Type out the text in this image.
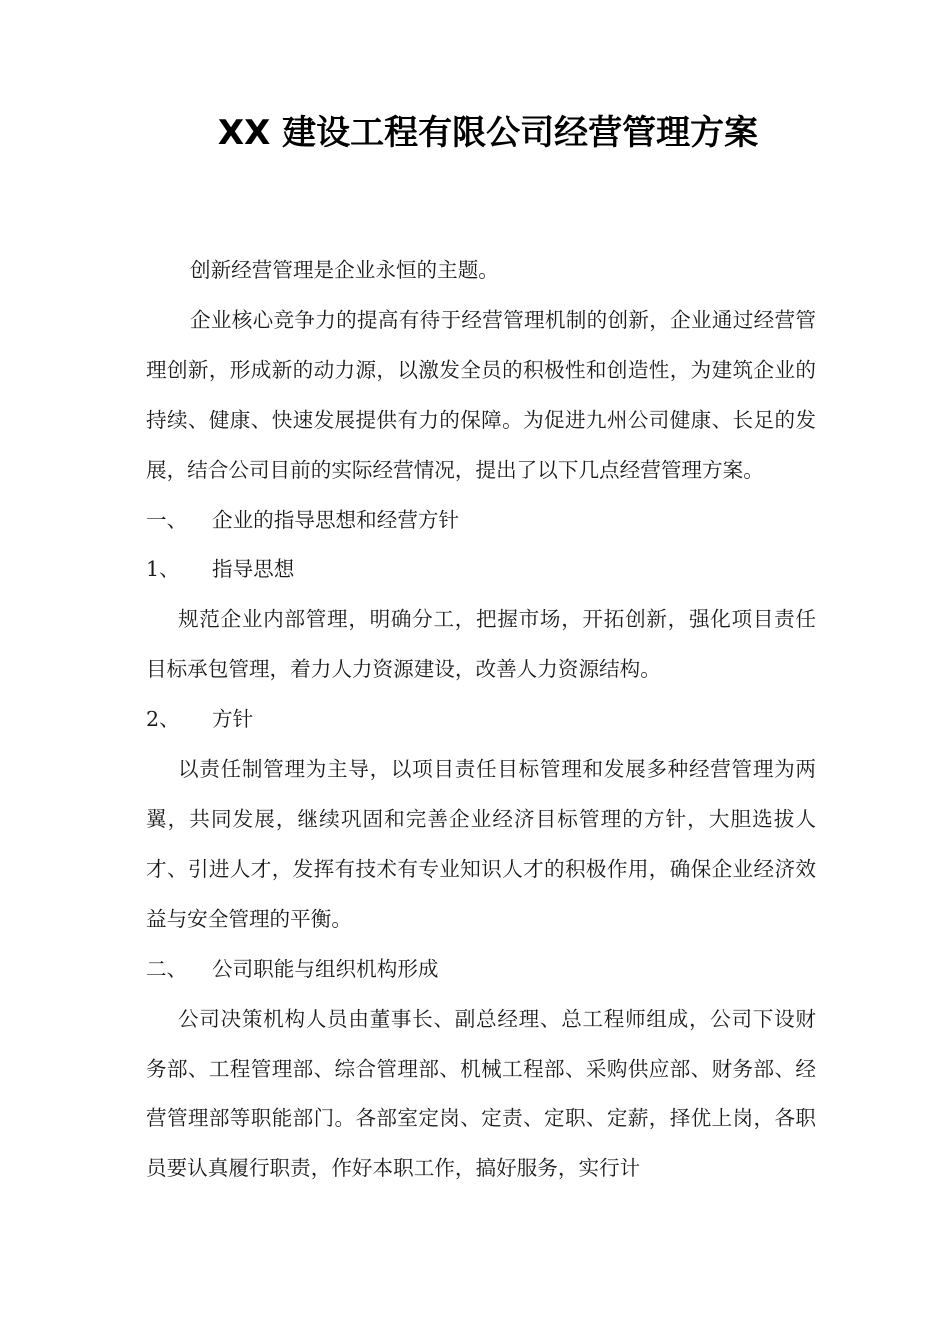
XX 建设工程有限公司经营管理方案

创新经营管理是企业永恒的主题。

企业核心竞争力的提高有待于经营管理机制的创新，企业通过经营管理创新，形成新的动力源，以激发全员的积极性和创造性，为建筑企业的持续、健康、快速发展提供有力的保障。为促进九州公司健康、长足的发展，结合公司目前的实际经营情况，提出了以下几点经营管理方案。

一、 企业的指导思想和经营方针

1、 指导思想

规范企业内部管理，明确分工，把握市场，开拓创新，强化项目责任目标承包管理，着力人力资源建设，改善人力资源结构。

2、 方针

以责任制管理为主导，以项目责任目标管理和发展多种经营管理为两翼，共同发展，继续巩固和完善企业经济目标管理的方针，大胆选拔人才、引进人才，发挥有技术有专业知识人才的积极作用，确保企业经济效益与安全管理的平衡。

二、 公司职能与组织机构形成

公司决策机构人员由董事长、副总经理、总工程师组成，公司下设财务部、工程管理部、综合管理部、机械工程部、采购供应部、财务部、经营管理部等职能部门。各部室定岗、定责、定职、定薪，择优上岗，各职员要认真履行职责，作好本职工作，搞好服务，实行计
